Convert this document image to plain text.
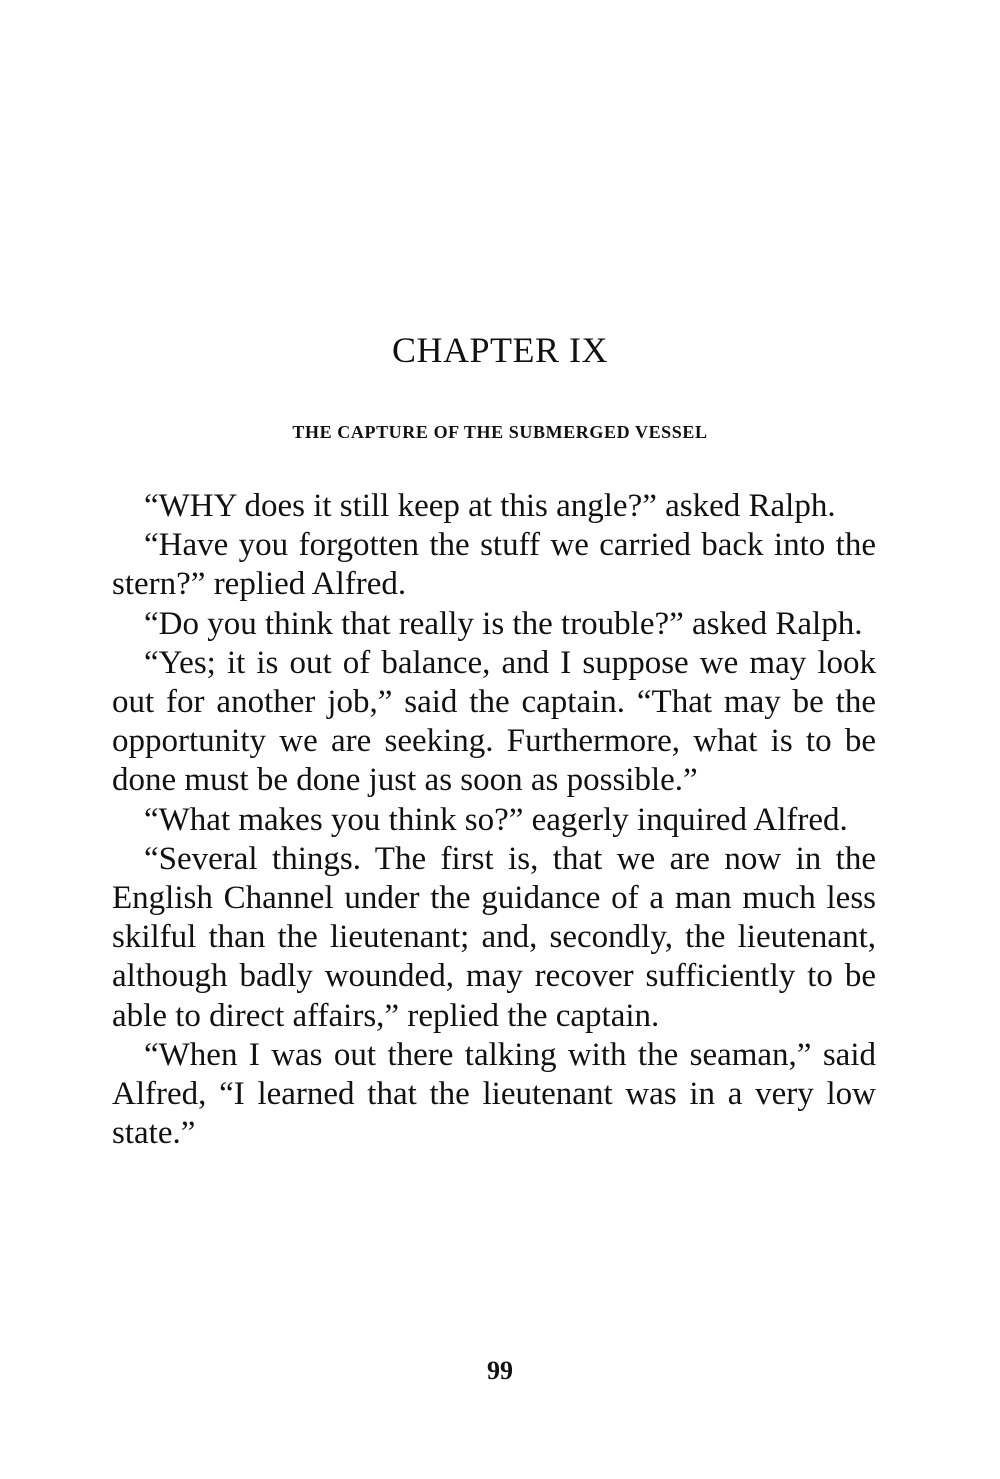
CHAPTER IX
THE CAPTURE OF THE SUBMERGED VESSEL

“WHY does it still keep at this angle?” asked Ralph.

“Have you forgotten the stuff we carried back into the stern?” replied Alfred.

“Do you think that really is the trouble?” asked Ralph.

“Yes; it is out of balance, and I suppose we may look out for another job,” said the captain. “That may be the opportunity we are seeking. Furthermore, what is to be done must be done just as soon as possible.”

“What makes you think so?” eagerly inquired Alfred.

“Several things. The first is, that we are now in the English Channel under the guidance of a man much less skilful than the lieutenant; and, secondly, the lieutenant, although badly wounded, may recover sufficiently to be able to direct affairs,” replied the captain.

“When I was out there talking with the seaman,” said Alfred, “I learned that the lieutenant was in a very low state.”

99
